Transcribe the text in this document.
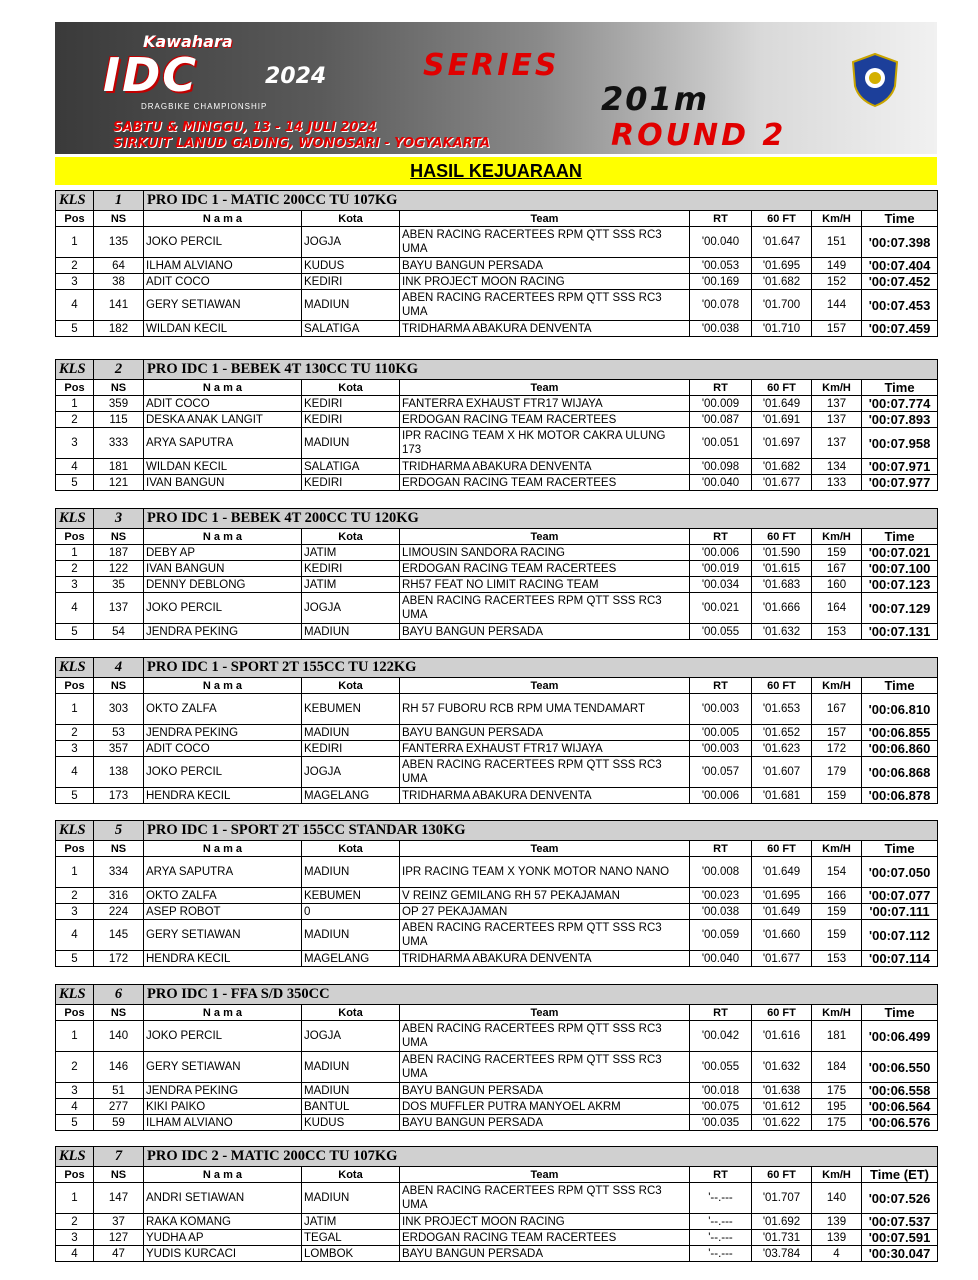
Kawahara
IDC	2024
DRAGBIKE CHAMPIONSHIP
SERIES
201m
ROUND 2
SABTU & MINGGU, 13 - 14 JULI 2024
SIRKUIT LANUD GADING, WONOSARI - YOGYAKARTA
HASIL KEJUARAAN
KLS	1	PRO IDC 1 - MATIC 200CC TU 107KG						
Pos	NS	N a m a	Kota	Team	RT	60 FT	Km/H	Time
1	135	JOKO PERCIL	JOGJA	ABEN RACING RACERTEES RPM QTT SSS RC3 UMA	'00.040	'01.647	151	'00:07.398
2	64	ILHAM ALVIANO	KUDUS	BAYU BANGUN PERSADA	'00.053	'01.695	149	'00:07.404
3	38	ADIT COCO	KEDIRI	INK PROJECT MOON RACING	'00.169	'01.682	152	'00:07.452
4	141	GERY SETIAWAN	MADIUN	ABEN RACING RACERTEES RPM QTT SSS RC3 UMA	'00.078	'01.700	144	'00:07.453
5	182	WILDAN KECIL	SALATIGA	TRIDHARMA ABAKURA DENVENTA	'00.038	'01.710	157	'00:07.459
KLS	2	PRO IDC 1 - BEBEK 4T 130CC TU 110KG						
Pos	NS	N a m a	Kota	Team	RT	60 FT	Km/H	Time
1	359	ADIT COCO	KEDIRI	FANTERRA EXHAUST FTR17 WIJAYA	'00.009	'01.649	137	'00:07.774
2	115	DESKA ANAK LANGIT	KEDIRI	ERDOGAN RACING TEAM RACERTEES	'00.087	'01.691	137	'00:07.893
3	333	ARYA SAPUTRA	MADIUN	IPR RACING TEAM X HK MOTOR CAKRA ULUNG 173	'00.051	'01.697	137	'00:07.958
4	181	WILDAN KECIL	SALATIGA	TRIDHARMA ABAKURA DENVENTA	'00.098	'01.682	134	'00:07.971
5	121	IVAN BANGUN	KEDIRI	ERDOGAN RACING TEAM RACERTEES	'00.040	'01.677	133	'00:07.977
KLS	3	PRO IDC 1 - BEBEK 4T 200CC TU 120KG						
Pos	NS	N a m a	Kota	Team	RT	60 FT	Km/H	Time
1	187	DEBY AP	JATIM	LIMOUSIN SANDORA RACING	'00.006	'01.590	159	'00:07.021
2	122	IVAN BANGUN	KEDIRI	ERDOGAN RACING TEAM RACERTEES	'00.019	'01.615	167	'00:07.100
3	35	DENNY DEBLONG	JATIM	RH57 FEAT NO LIMIT RACING TEAM	'00.034	'01.683	160	'00:07.123
4	137	JOKO PERCIL	JOGJA	ABEN RACING RACERTEES RPM QTT SSS RC3 UMA	'00.021	'01.666	164	'00:07.129
5	54	JENDRA PEKING	MADIUN	BAYU BANGUN PERSADA	'00.055	'01.632	153	'00:07.131
KLS	4	PRO IDC 1 - SPORT 2T 155CC TU 122KG						
Pos	NS	N a m a	Kota	Team	RT	60 FT	Km/H	Time
1	303	OKTO ZALFA	KEBUMEN	RH 57 FUBORU RCB RPM UMA TENDAMART	'00.003	'01.653	167	'00:06.810
2	53	JENDRA PEKING	MADIUN	BAYU BANGUN PERSADA	'00.005	'01.652	157	'00:06.855
3	357	ADIT COCO	KEDIRI	FANTERRA EXHAUST FTR17 WIJAYA	'00.003	'01.623	172	'00:06.860
4	138	JOKO PERCIL	JOGJA	ABEN RACING RACERTEES RPM QTT SSS RC3 UMA	'00.057	'01.607	179	'00:06.868
5	173	HENDRA KECIL	MAGELANG	TRIDHARMA ABAKURA DENVENTA	'00.006	'01.681	159	'00:06.878
KLS	5	PRO IDC 1 - SPORT 2T 155CC STANDAR 130KG						
Pos	NS	N a m a	Kota	Team	RT	60 FT	Km/H	Time
1	334	ARYA SAPUTRA	MADIUN	IPR RACING TEAM X YONK MOTOR NANO NANO	'00.008	'01.649	154	'00:07.050
2	316	OKTO ZALFA	KEBUMEN	V REINZ GEMILANG RH 57 PEKAJAMAN	'00.023	'01.695	166	'00:07.077
3	224	ASEP ROBOT	0	OP 27 PEKAJAMAN	'00.038	'01.649	159	'00:07.111
4	145	GERY SETIAWAN	MADIUN	ABEN RACING RACERTEES RPM QTT SSS RC3 UMA	'00.059	'01.660	159	'00:07.112
5	172	HENDRA KECIL	MAGELANG	TRIDHARMA ABAKURA DENVENTA	'00.040	'01.677	153	'00:07.114
KLS	6	PRO IDC 1 - FFA S/D 350CC						
Pos	NS	N a m a	Kota	Team	RT	60 FT	Km/H	Time
1	140	JOKO PERCIL	JOGJA	ABEN RACING RACERTEES RPM QTT SSS RC3 UMA	'00.042	'01.616	181	'00:06.499
2	146	GERY SETIAWAN	MADIUN	ABEN RACING RACERTEES RPM QTT SSS RC3 UMA	'00.055	'01.632	184	'00:06.550
3	51	JENDRA PEKING	MADIUN	BAYU BANGUN PERSADA	'00.018	'01.638	175	'00:06.558
4	277	KIKI PAIKO	BANTUL	DOS MUFFLER PUTRA MANYOEL AKRM	'00.075	'01.612	195	'00:06.564
5	59	ILHAM ALVIANO	KUDUS	BAYU BANGUN PERSADA	'00.035	'01.622	175	'00:06.576
KLS	7	PRO IDC 2 - MATIC 200CC TU 107KG						
Pos	NS	N a m a	Kota	Team	RT	60 FT	Km/H	Time (ET)
1	147	ANDRI SETIAWAN	MADIUN	ABEN RACING RACERTEES RPM QTT SSS RC3 UMA	'--.---	'01.707	140	'00:07.526
2	37	RAKA KOMANG	JATIM	INK PROJECT MOON RACING	'--.---	'01.692	139	'00:07.537
3	127	YUDHA AP	TEGAL	ERDOGAN RACING TEAM RACERTEES	'--.---	'01.731	139	'00:07.591
4	47	YUDIS KURCACI	LOMBOK	BAYU BANGUN PERSADA	'--.---	'03.784	4	'00:30.047
